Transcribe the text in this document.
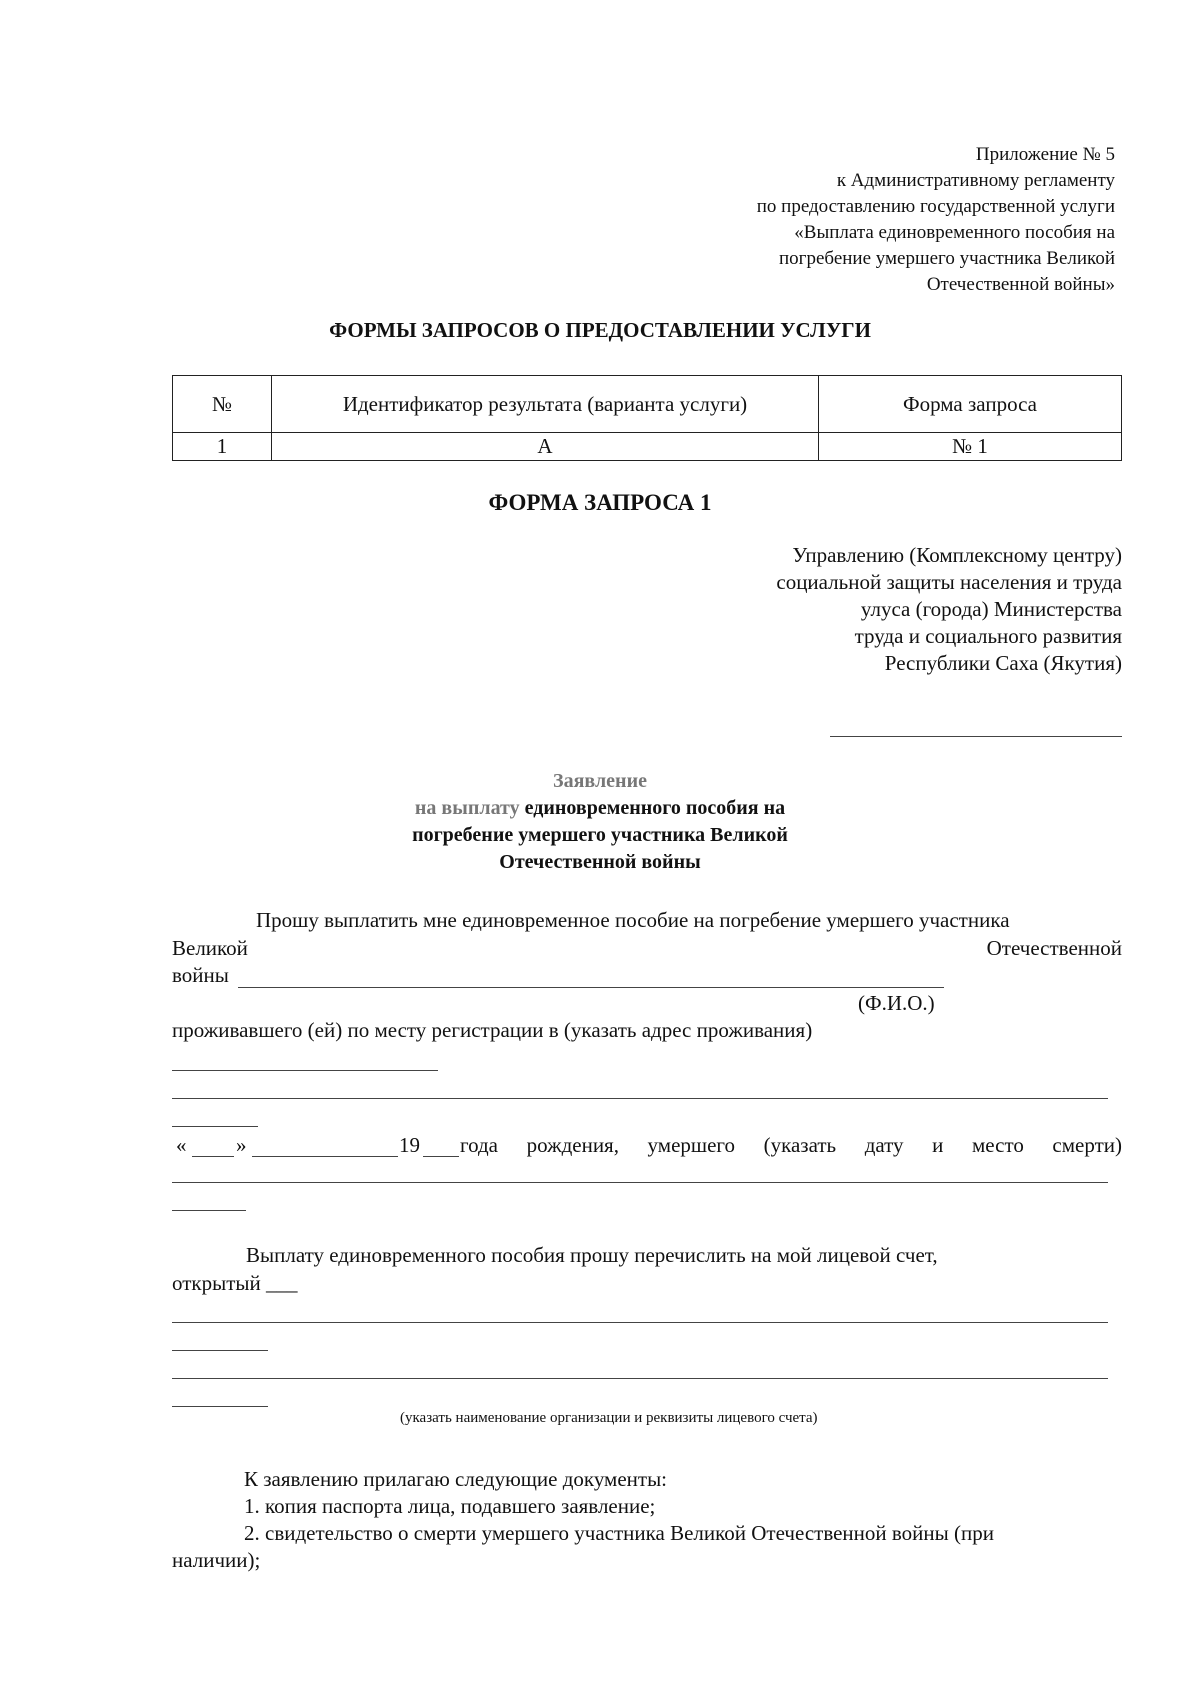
Приложение № 5
к Административному регламенту
по предоставлению государственной услуги
«Выплата единовременного пособия на
погребение умершего участника Великой
Отечественной войны»
ФОРМЫ ЗАПРОСОВ О ПРЕДОСТАВЛЕНИИ УСЛУГИ
№	Идентификатор результата (варианта услуги)	Форма запроса
1	А	№ 1
ФОРМА ЗАПРОСА 1
Управлению (Комплексному центру)
социальной защиты населения и труда
улуса (города) Министерства
труда и социального развития
Республики Саха (Якутия)
Заявление
на выплату единовременного пособия на
погребение умершего участника Великой
Отечественной войны
Прошу выплатить мне единовременное пособие на погребение умершего участника
Великой	Отечественной
войны
(Ф.И.О.)
проживавшего (ей) по месту регистрации в (указать адрес проживания)
« »	19 года рождения, умершего (указать дату и место смерти)
Выплату единовременного пособия прошу перечислить на мой лицевой счет,
открытый ___
(указать наименование организации и реквизиты лицевого счета)
К заявлению прилагаю следующие документы:
1. копия паспорта лица, подавшего заявление;
2. свидетельство о смерти умершего участника Великой Отечественной войны (при
наличии);
